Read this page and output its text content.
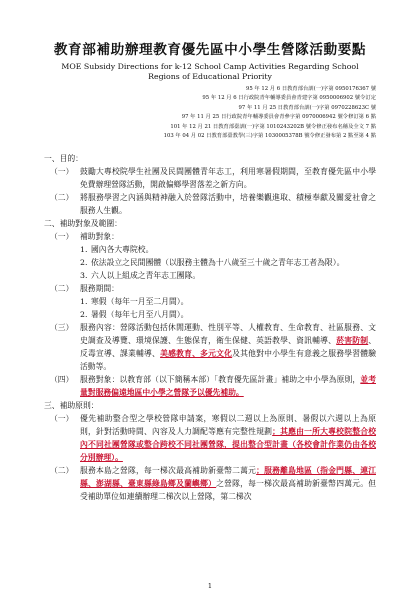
教育部補助辦理教育優先區中小學生營隊活動要點
MOE Subsidy Directions for k-12 School Camp Activities Regarding School Regions of Educational Priority
95 年 12 月 6 日教育部台訓(一)字第 0950176367 號
95 年 12 月 6 日行政院青年輔導委員會青建字第 0950006902 號令訂定
97 年 11 月 25 日教育部台訓(一)字第 0970228623C 號
97 年 11 月 25 日行政院青年輔導委員會青參字第 0970006942 號令修訂第 6 點
101 年 12 月 21 日教育部臺訓(一)字第 1010243202B 號令修正發布名稱及全文 7 點
103 年 04 月 02 日教育部臺教學(三)字第 1030005378B 號令修正發布第 2 點至第 4 點
一、目的：
（一） 鼓勵大專校院學生社團及民間團體青年志工，利用寒暑假期間，至教育優先區中小學免費辦理營隊活動，開啟偏鄉學習落差之新方向。
（二） 將服務學習之內涵與精神融入於營隊活動中，培養樂觀進取、積極奉獻及關愛社會之服務人生觀。
二、補助對象及範圍：
（一） 補助對象：
1. 國內各大專院校。
2. 依法設立之民間團體（以服務主體為十八歲至三十歲之青年志工者為限）。
3. 六人以上組成之青年志工團隊。
（二） 服務期間：
1. 寒假（每年一月至二月間）。
2. 暑假（每年七月至八月間）。
（三） 服務內容：營隊活動包括休閒運動、性別平等、人權教育、生命教育、社區服務、文史調查及導覽、環境保護、生態保育，衛生保健、英語教學、資訊輔導、菸害防制、反毒宣導、課業輔導、美感教育、多元文化及其他對中小學生有意義之服務學習體驗活動等。
（四） 服務對象：以教育部（以下簡稱本部）「教育優先區計畫」補助之中小學為原則，並考量對服務偏遠地區中小學之營隊予以優先補助。
三、補助原則：
（一） 優先補助整合型之學校營隊申請案，寒假以二週以上為原則、暑假以六週以上為原則，針對活動時間、內容及人力調配等應有完整性規劃；其應由一所大專校院整合校內不同社團營隊或整合跨校不同社團營隊，提出整合型計畫（各校會計作業仍由各校分別辦理）。
（二） 服務本島之營隊，每一梯次最高補助新臺幣二萬元；服務離島地區（指金門縣、連江縣、澎湖縣、臺東縣綠島鄉及蘭嶼鄉）之營隊，每一梯次最高補助新臺幣四萬元。但受補助單位如連續辦理二梯次以上營隊，第二梯次
1
